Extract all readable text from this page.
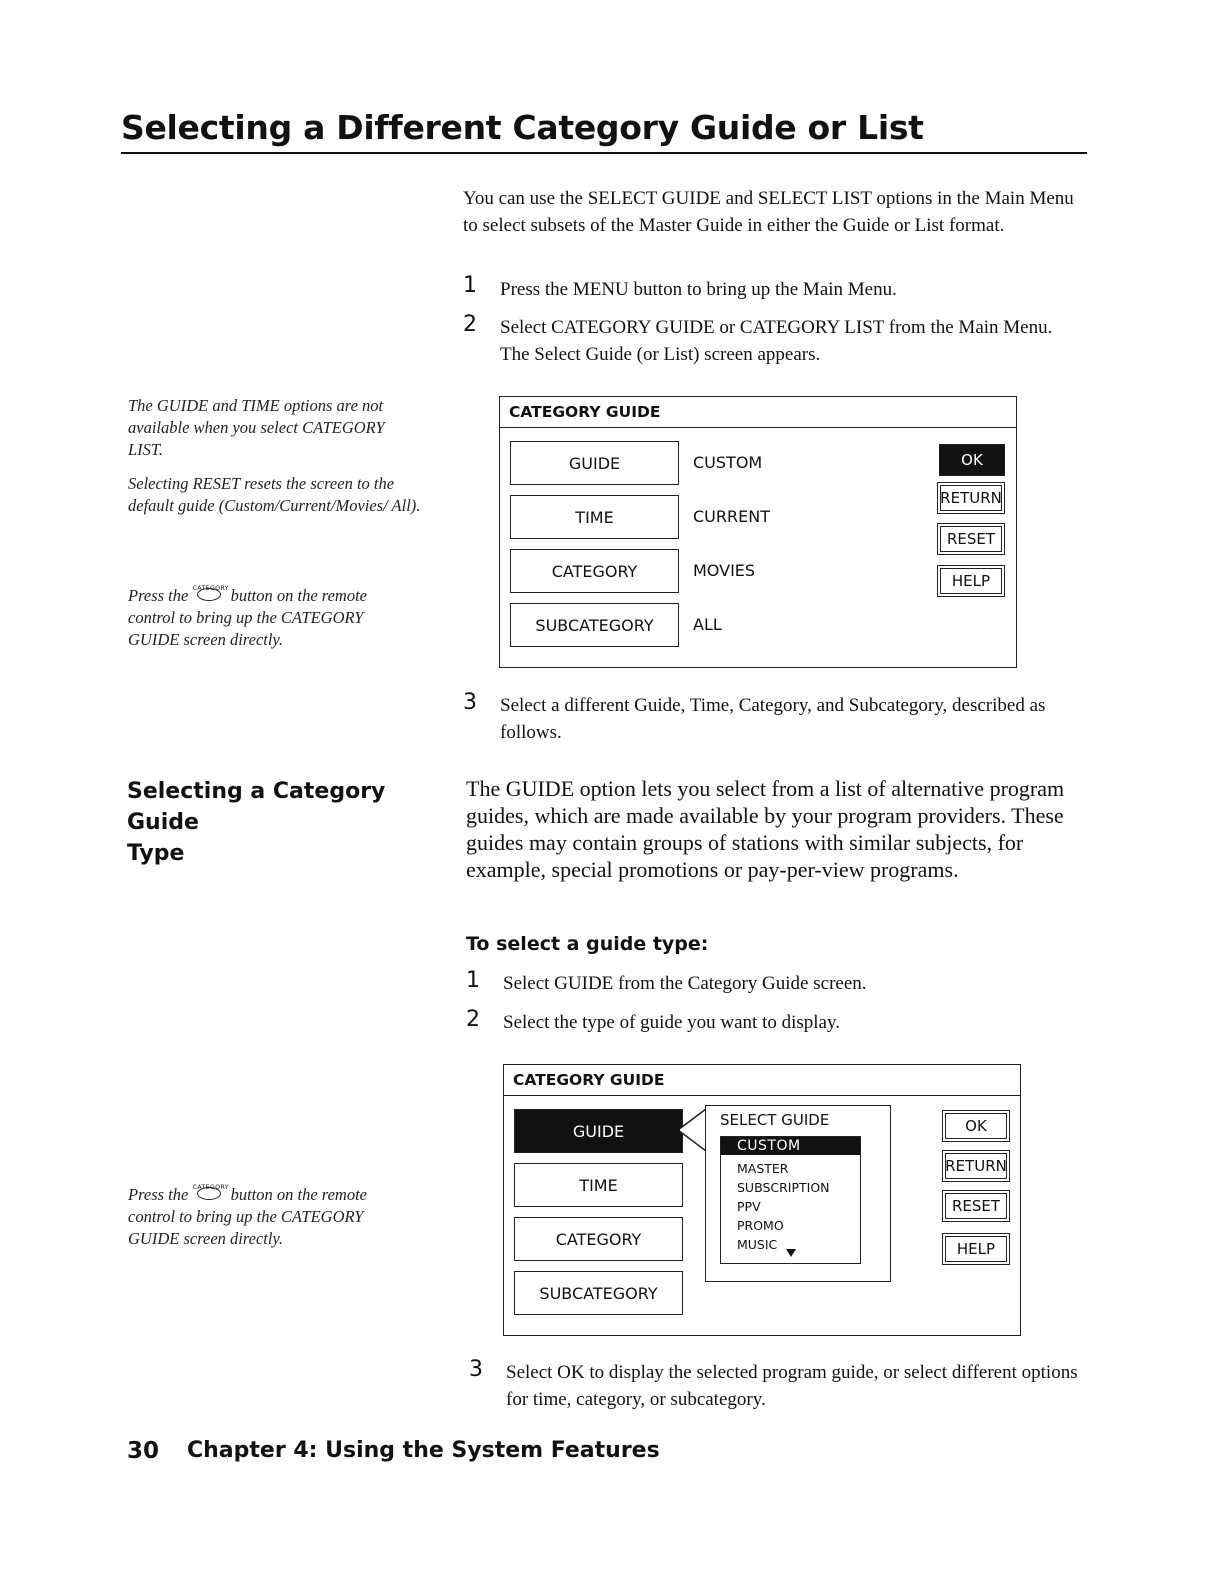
Selecting a Different Category Guide or List
The GUIDE and TIME options are not available when you select CATEGORY LIST.
Selecting RESET resets the screen to the default guide (Custom/Current/Movies/ All).
Press the CATEGORY button on the remote control to bring up the CATEGORY GUIDE screen directly.
Press the CATEGORY button on the remote control to bring up the CATEGORY GUIDE screen directly.
You can use the SELECT GUIDE and SELECT LIST options in the Main Menu to select subsets of the Master Guide in either the Guide or List format.
1 Press the MENU button to bring up the Main Menu.
2 Select CATEGORY GUIDE or CATEGORY LIST from the Main Menu. The Select Guide (or List) screen appears.
CATEGORY GUIDE
GUIDE
TIME
CATEGORY
SUBCATEGORY
CUSTOM
CURRENT
MOVIES
ALL
OK
RETURN
RESET
HELP
3 Select a different Guide, Time, Category, and Subcategory, described as follows.
Selecting a Category Guide
Type
The GUIDE option lets you select from a list of alternative program guides, which are made available by your program providers. These guides may contain groups of stations with similar subjects, for example, special promotions or pay-per-view programs.
To select a guide type:
1 Select GUIDE from the Category Guide screen.
2 Select the type of guide you want to display.
CATEGORY GUIDE
GUIDE
TIME
CATEGORY
SUBCATEGORY
SELECT GUIDE
CUSTOM
MASTER
SUBSCRIPTION
PPV
PROMO
MUSIC
OK
RETURN
RESET
HELP
3 Select OK to display the selected program guide, or select different options for time, category, or subcategory.
30 Chapter 4: Using the System Features
